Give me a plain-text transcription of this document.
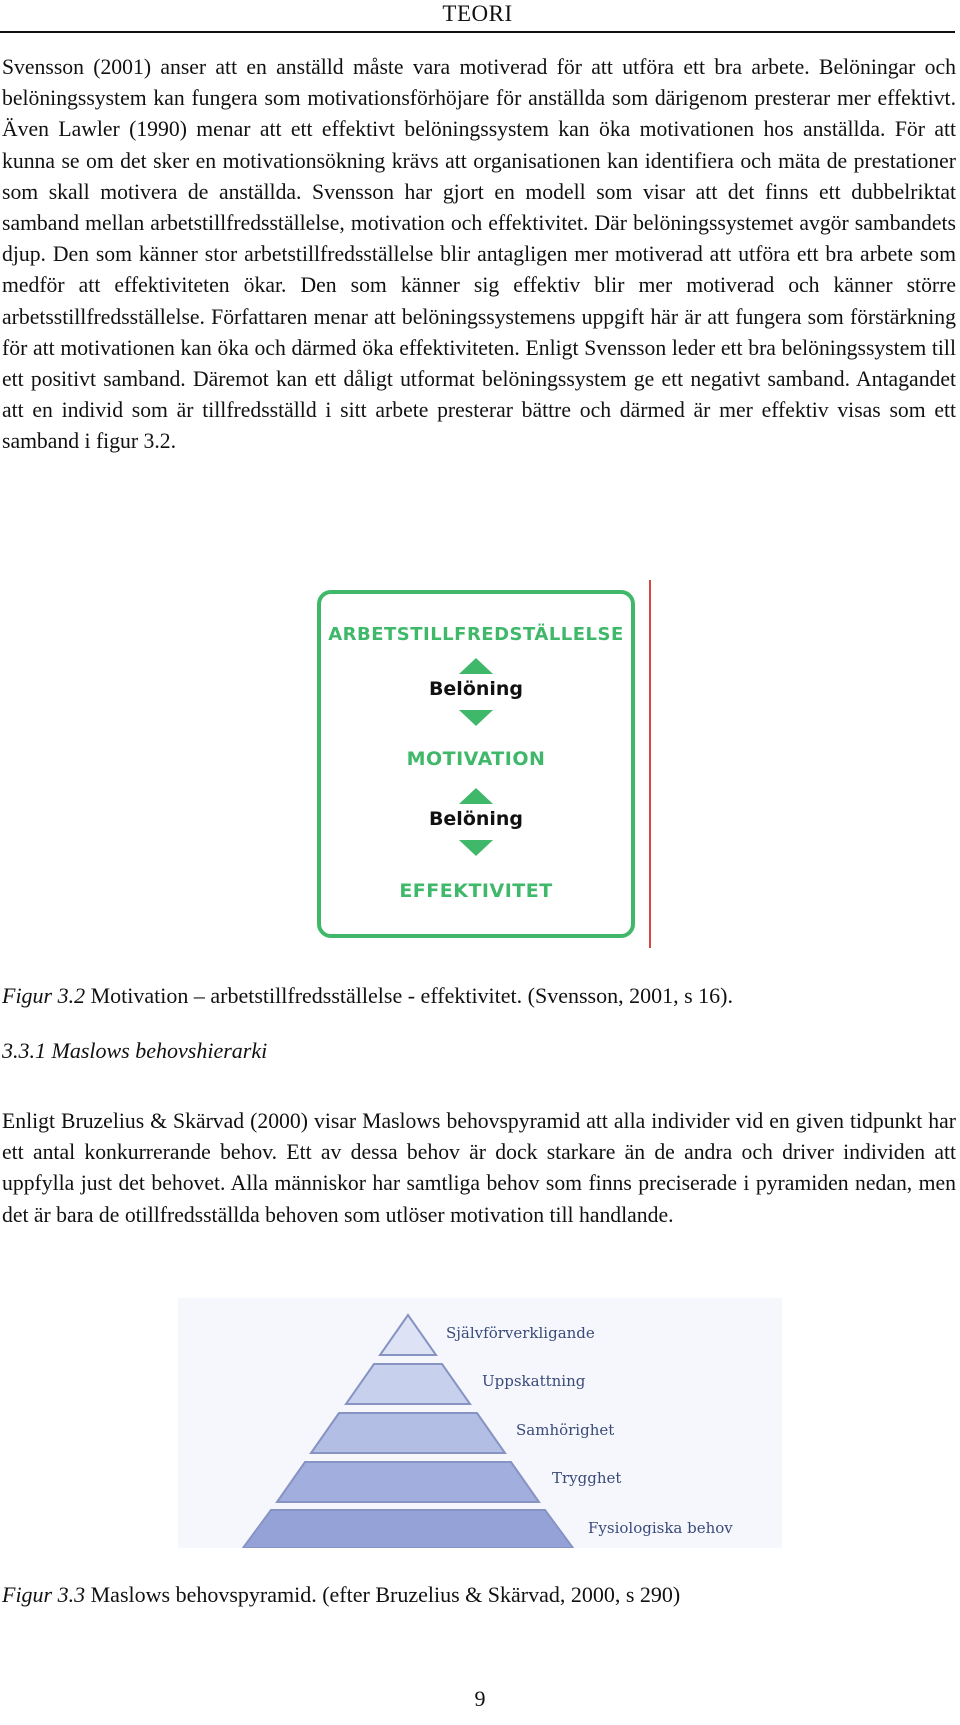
TEORI

Svensson (2001) anser att en anställd måste vara motiverad för att utföra ett bra arbete. Belöningar och belöningssystem kan fungera som motivationsförhöjare för anställda som därigenom presterar mer effektivt. Även Lawler (1990) menar att ett effektivt belöningssystem kan öka motivationen hos anställda. För att kunna se om det sker en motivationsökning krävs att organisationen kan identifiera och mäta de prestationer som skall motivera de anställda. Svensson har gjort en modell som visar att det finns ett dubbelriktat samband mellan arbetstillfredsställelse, motivation och effektivitet. Där belöningssystemet avgör sambandets djup. Den som känner stor arbetstillfredsställelse blir antagligen mer motiverad att utföra ett bra arbete som medför att effektiviteten ökar. Den som känner sig effektiv blir mer motiverad och känner större arbetsstillfredsställelse. Författaren menar att belöningssystemens uppgift här är att fungera som förstärkning för att motivationen kan öka och därmed öka effektiviteten. Enligt Svensson leder ett bra belöningssystem till ett positivt samband. Däremot kan ett dåligt utformat belöningssystem ge ett negativt samband. Antagandet att en individ som är tillfredsställd i sitt arbete presterar bättre och därmed är mer effektiv visas som ett samband i figur 3.2.

ARBETSTILLFREDSTÄLLELSE
Belöning
MOTIVATION
Belöning
EFFEKTIVITET
Figur 3.2 Motivation – arbetstillfredsställelse - effektivitet. (Svensson, 2001, s 16).
3.3.1 Maslows behovshierarki

Enligt Bruzelius & Skärvad (2000) visar Maslows behovspyramid att alla individer vid en given tidpunkt har ett antal konkurrerande behov. Ett av dessa behov är dock starkare än de andra och driver individen att uppfylla just det behovet. Alla människor har samtliga behov som finns preciserade i pyramiden nedan, men det är bara de otillfredsställda behoven som utlöser motivation till handlande.

Självförverkligande
Uppskattning
Samhörighet
Trygghet
Fysiologiska behov
Figur 3.3 Maslows behovspyramid. (efter Bruzelius & Skärvad, 2000, s 290)
9
